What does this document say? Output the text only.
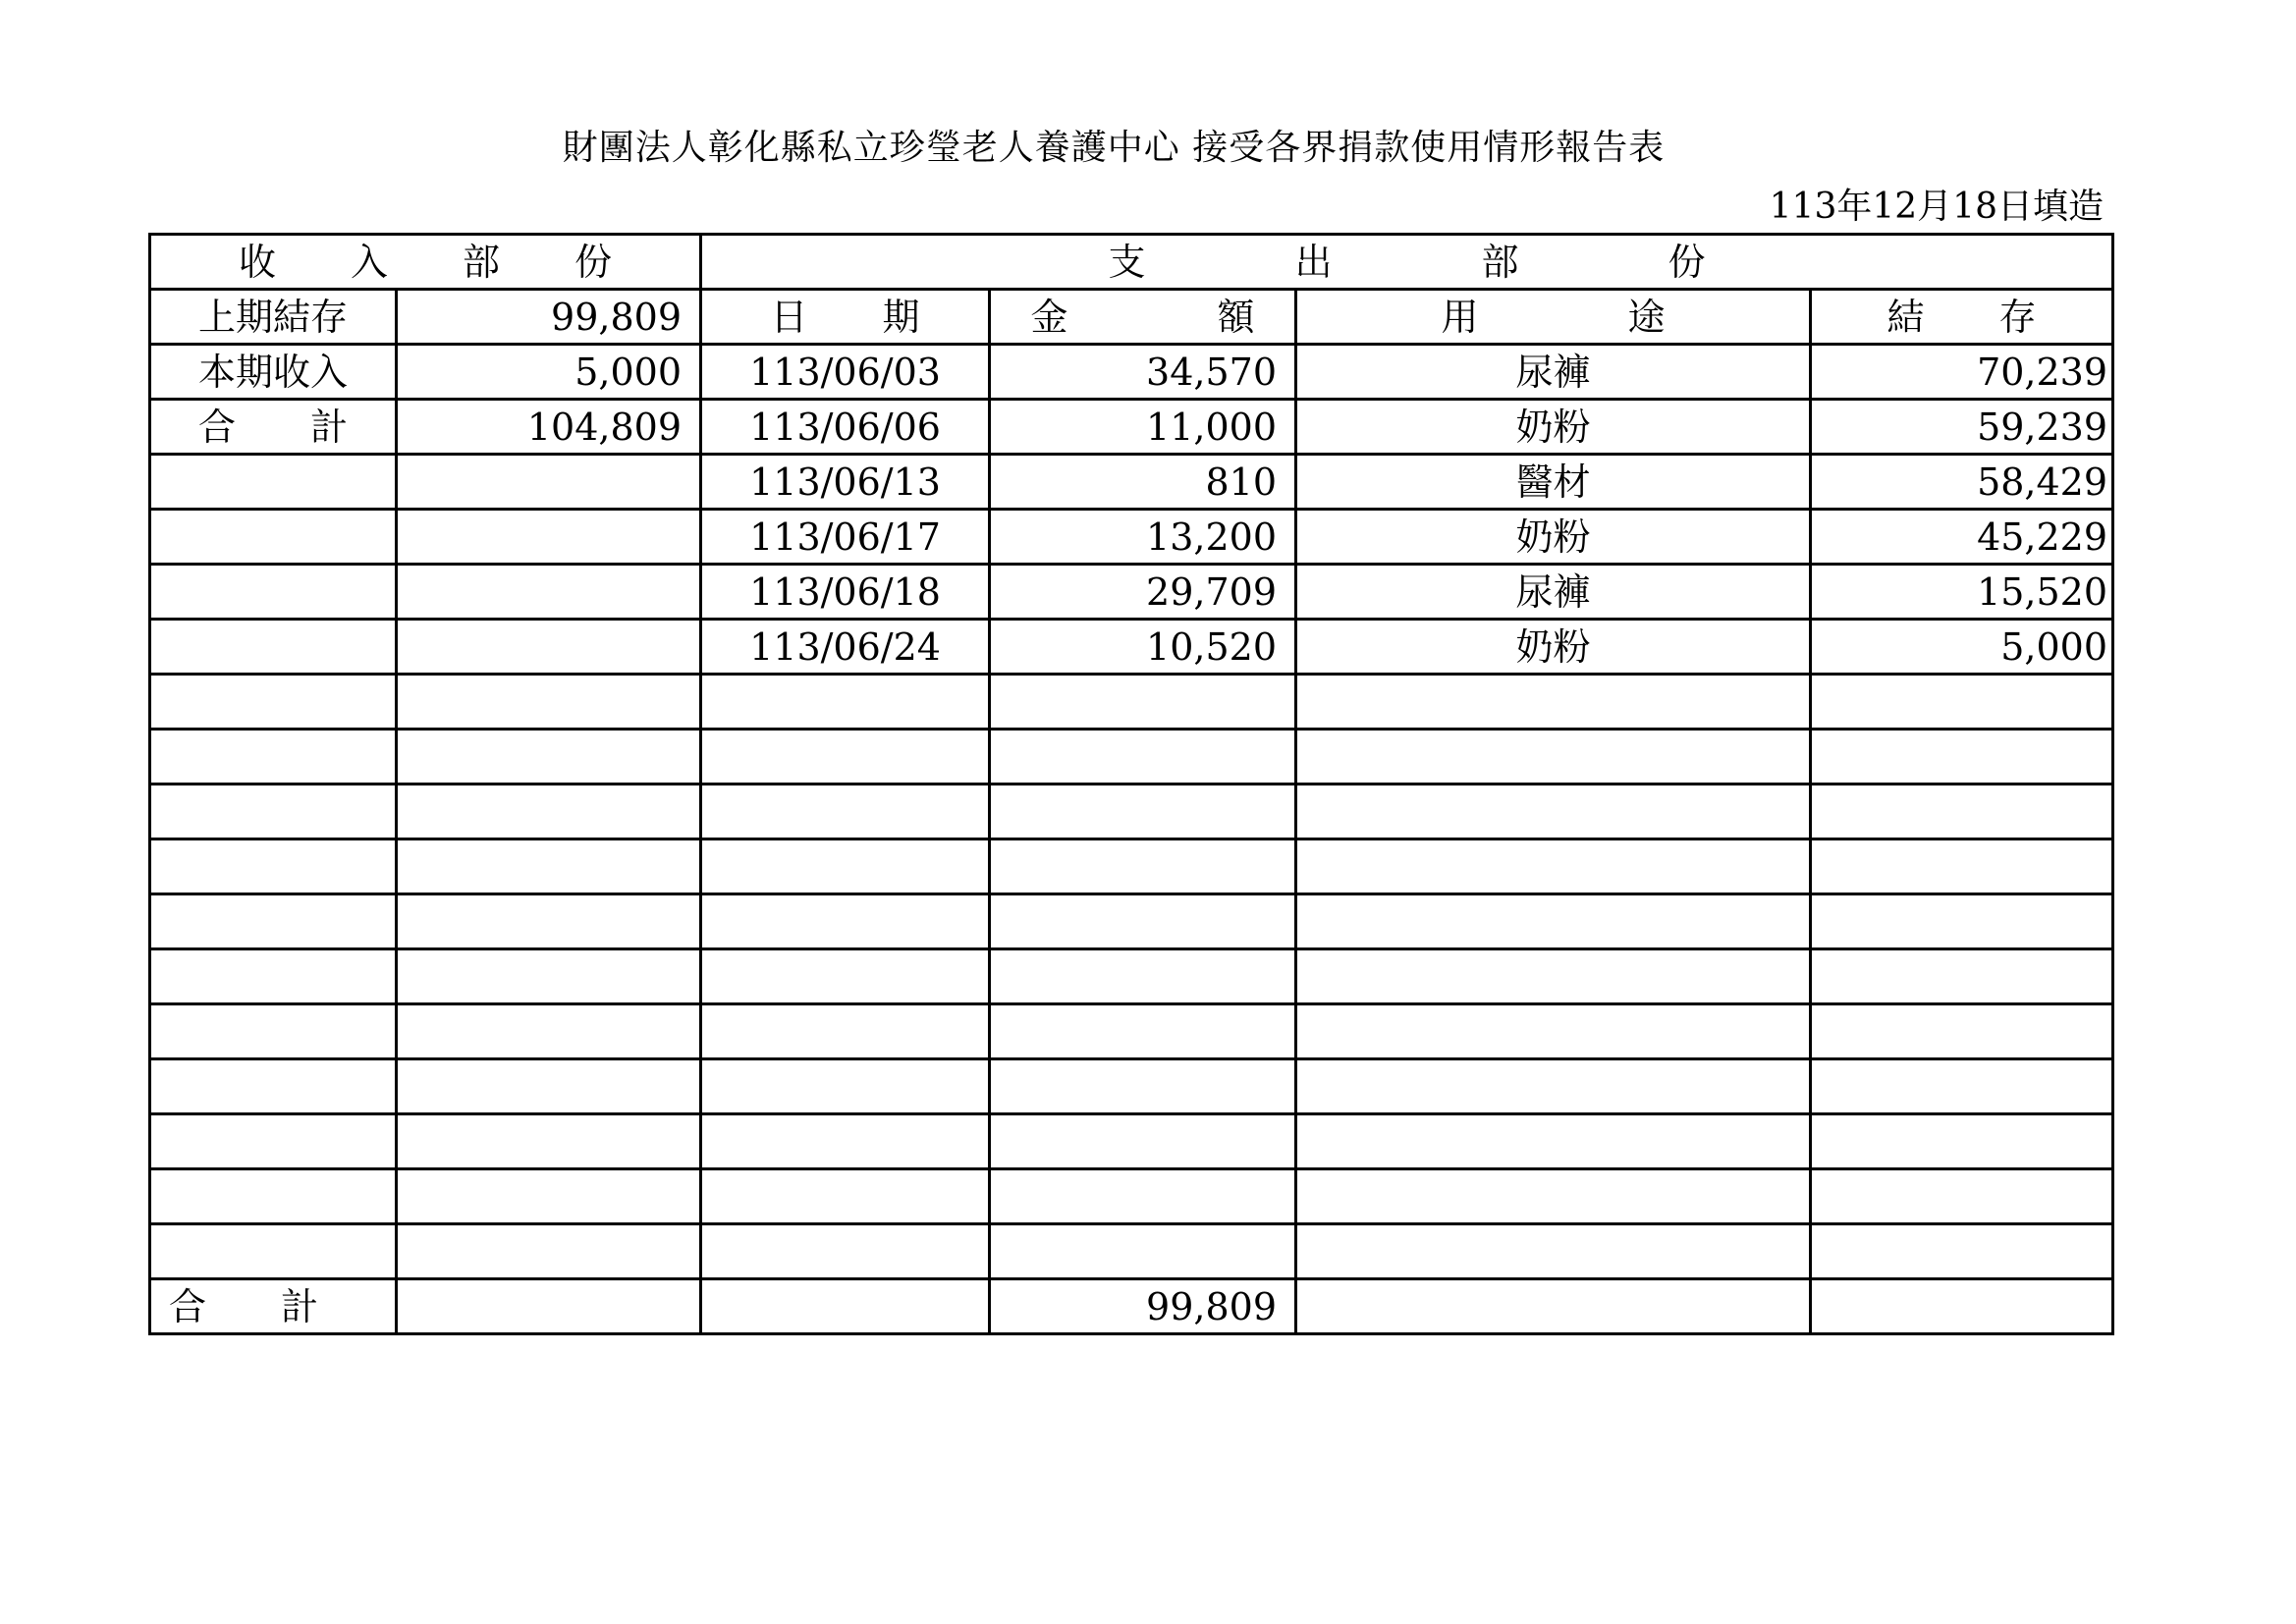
財團法人彰化縣私立珍瑩老人養護中心 接受各界捐款使用情形報告表
113年12月18日填造
收　　入　　部　　份		支　　　　出　　　　部　　　　份			
上期結存	99,809	日　　期	金　　　　額	用　　　　途	結　　存
本期收入	5,000	113/06/03	34,570	尿褲	70,239
合　　計	104,809	113/06/06	11,000	奶粉	59,239
		113/06/13	810	醫材	58,429
		113/06/17	13,200	奶粉	45,229
		113/06/18	29,709	尿褲	15,520
		113/06/24	10,520	奶粉	5,000

合　　計			99,809		
